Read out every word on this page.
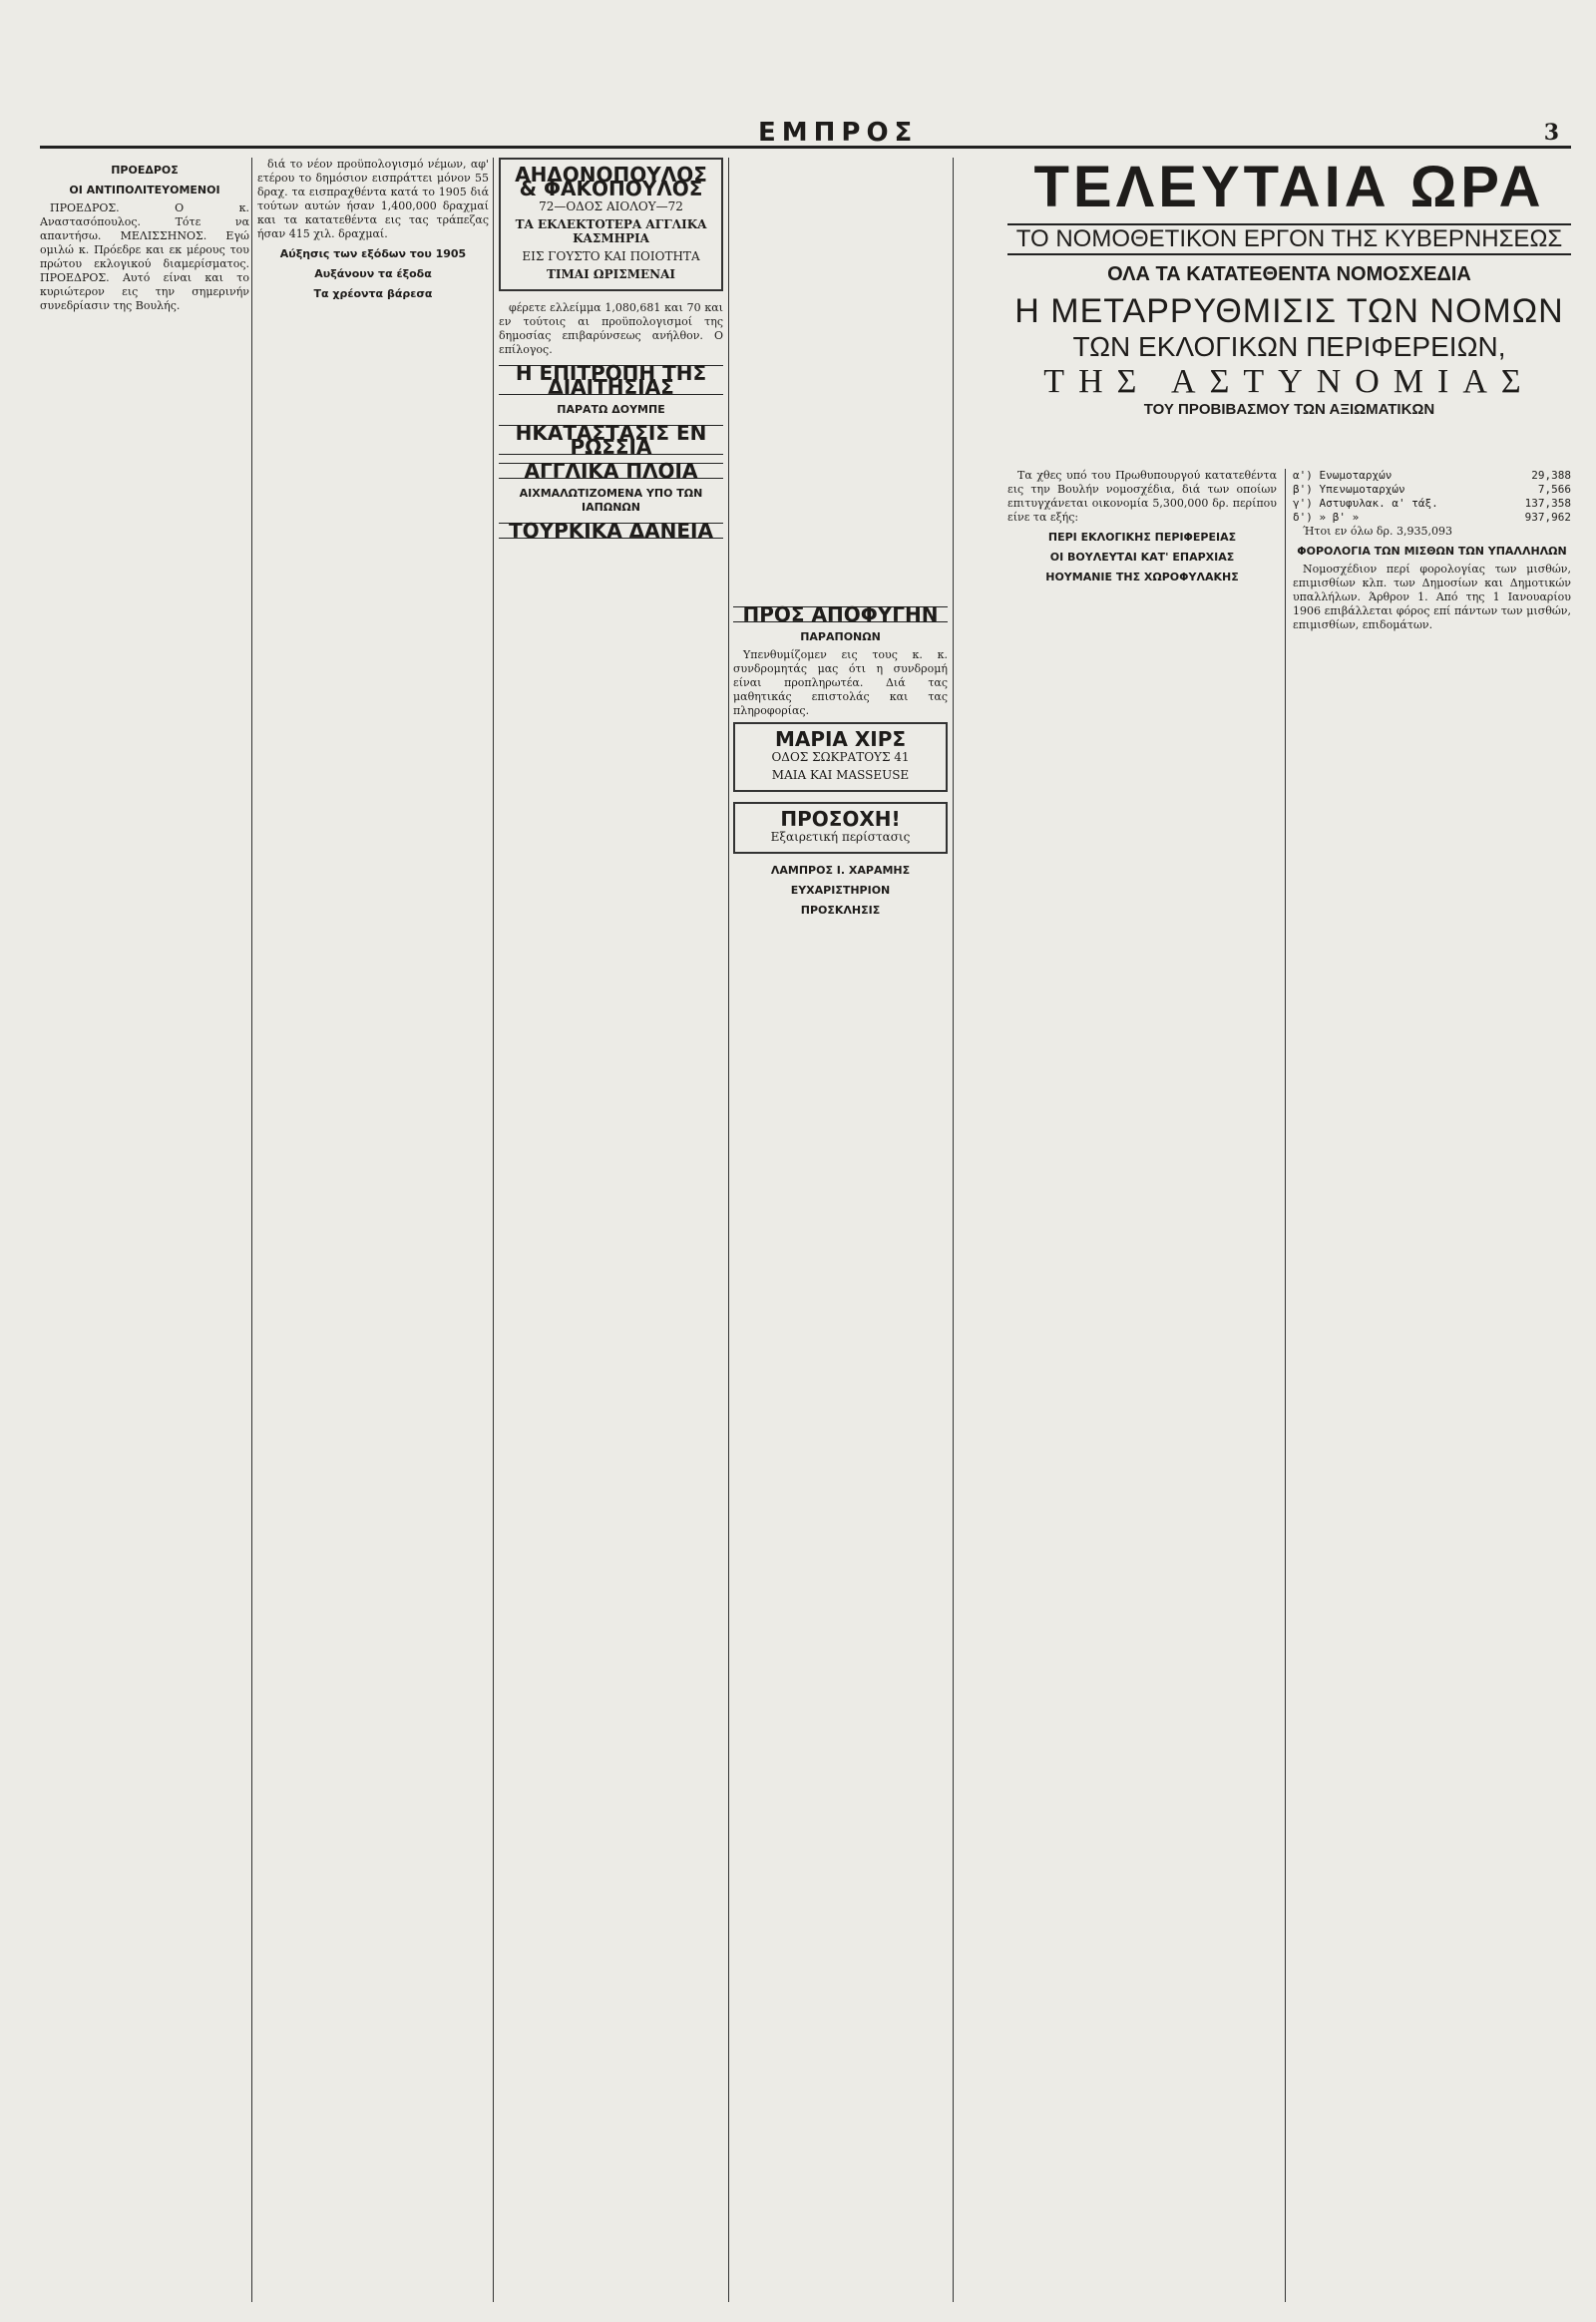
ΕΜΠΡΟΣ	3
ΠΡΟΕΔΡΟΣ
ΟΙ ΑΝΤΙΠΟΛΙΤΕΥΟΜΕΝΟΙ

ΠΡΟΕΔΡΟΣ. Ο κ. Αναστασόπουλος. Τότε να απαντήσω. ΜΕΛΙΣΣΗΝΟΣ. Εγώ ομιλώ κ. Πρόεδρε και εκ μέρους του πρώτου εκλογικού διαμερίσματος. ΠΡΟΕΔΡΟΣ. Αυτό είναι και το κυριώτερον εις την σημερινήν συνεδρίασιν της Βουλής.

διά το νέον προϋπολογισμό νέμων, αφ' ετέρου το δημόσιον εισπράττει μόνον 55 δραχ. τα εισπραχθέντα κατά το 1905 διά τούτων αυτών ήσαν 1,400,000 δραχμαί και τα κατατεθέντα εις τας τράπεζας ήσαν 415 χιλ. δραχμαί.

Αύξησις των εξόδων του 1905
Αυξάνουν τα έξοδα
Τα χρέοντα βάρεσα
ΑΗΔΟΝΟΠΟΥΛΟΣ & ΦΑΚΟΠΟΥΛΟΣ
72—ΟΔΟΣ ΑΙΟΛΟΥ—72
ΤΑ ΕΚΛΕΚΤΟΤΕΡΑ ΑΓΓΛΙΚΑ ΚΑΣΜΗΡΙΑ
ΕΙΣ ΓΟΥΣΤΟ ΚΑΙ ΠΟΙΟΤΗΤΑ
ΤΙΜΑΙ ΩΡΙΣΜΕΝΑΙ

φέρετε ελλείμμα 1,080,681 και 70 και εν τούτοις αι προϋπολογισμοί της δημοσίας επιβαρύνσεως ανήλθον. Ο επίλογος.

Η ΕΠΙΤΡΟΠΗ ΤΗΣ ΔΙΑΙΤΗΣΙΑΣ
ΠΑΡΑΤΩ ΔΟΥΜΠΕ
ΗΚΑΤΑΣΤΑΣΙΣ ΕΝ ΡΩΣΣΙΑ
ΑΓΓΛΙΚΑ ΠΛΟΙΑ
ΑΙΧΜΑΛΩΤΙΖΟΜΕΝΑ ΥΠΟ ΤΩΝ ΙΑΠΩΝΩΝ
ΤΟΥΡΚΙΚΑ ΔΑΝΕΙΑ
ΠΡΟΣ ΑΠΟΦΥΓΗΝ
ΠΑΡΑΠΟΝΩΝ

Υπενθυμίζομεν εις τους κ. κ. συνδρομητάς μας ότι η συνδρομή είναι προπληρωτέα. Διά τας μαθητικάς επιστολάς και τας πληροφορίας.

ΜΑΡΙΑ ΧΙΡΣ
ΟΔΟΣ ΣΩΚΡΑΤΟΥΣ 41
ΜΑΙΑ ΚΑΙ MASSEUSE
ΠΡΟΣΟΧΗ!
Εξαιρετική περίστασις
ΛΑΜΠΡΟΣ Ι. ΧΑΡΑΜΗΣ
ΕΥΧΑΡΙΣΤΗΡΙΟΝ
ΠΡΟΣΚΛΗΣΙΣ
ΤΕΛΕΥΤΑΙΑ ΩΡΑ
ΤΟ ΝΟΜΟΘΕΤΙΚΟΝ ΕΡΓΟΝ ΤΗΣ ΚΥΒΕΡΝΗΣΕΩΣ
ΟΛΑ ΤΑ ΚΑΤΑΤΕΘΕΝΤΑ ΝΟΜΟΣΧΕΔΙΑ
Η ΜΕΤΑΡΡΥΘΜΙΣΙΣ ΤΩΝ ΝΟΜΩΝ
ΤΩΝ ΕΚΛΟΓΙΚΩΝ ΠΕΡΙΦΕΡΕΙΩΝ,
ΤΗΣ ΑΣΤΥΝΟΜΙΑΣ
ΤΟΥ ΠΡΟΒΙΒΑΣΜΟΥ ΤΩΝ ΑΞΙΩΜΑΤΙΚΩΝ

Τα χθες υπό του Πρωθυπουργού κατατεθέντα εις την Βουλήν νομοσχέδια, διά των οποίων επιτυγχάνεται οικονομία 5,300,000 δρ. περίπου είνε τα εξής:

ΠΕΡΙ ΕΚΛΟΓΙΚΗΣ ΠΕΡΙΦΕΡΕΙΑΣ
ΟΙ ΒΟΥΛΕΥΤΑΙ ΚΑΤ' ΕΠΑΡΧΙΑΣ
ΗΟΥΜΑΝΙΕ ΤΗΣ ΧΩΡΟΦΥΛΑΚΗΣ
α') Ενωμοταρχών	29,388
β') Υπενωμοταρχών	7,566
γ') Αστυφυλακ. α' τάξ.	137,358
δ') » β' »	937,962

Ήτοι εν όλω δρ. 3,935,093

ΦΟΡΟΛΟΓΙΑ ΤΩΝ ΜΙΣΘΩΝ ΤΩΝ ΥΠΑΛΛΗΛΩΝ

Νομοσχέδιον περί φορολογίας των μισθών, επιμισθίων κλπ. των Δημοσίων και Δημοτικών υπαλλήλων. Άρθρον 1. Από της 1 Ιανουαρίου 1906 επιβάλλεται φόρος επί πάντων των μισθών, επιμισθίων, επιδομάτων.
